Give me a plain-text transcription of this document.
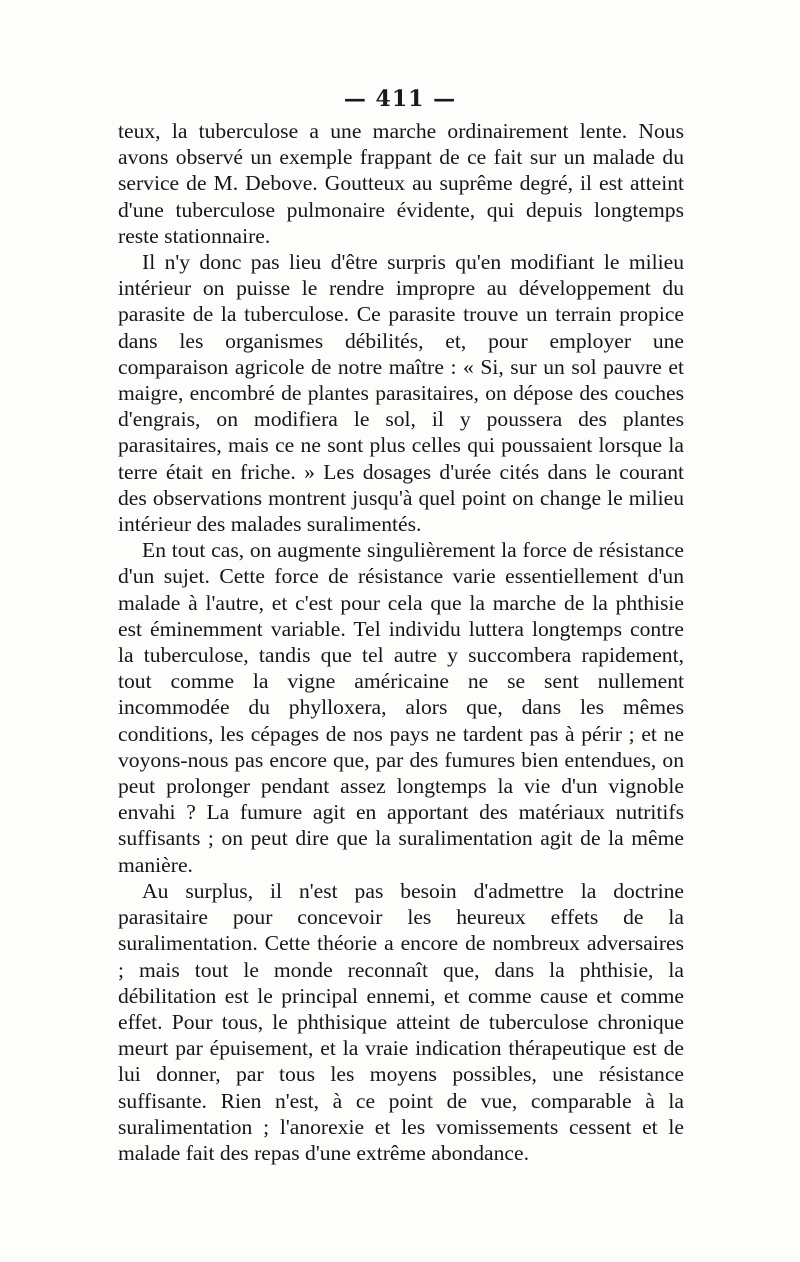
— 411 —

teux, la tuberculose a une marche ordinairement lente. Nous avons observé un exemple frappant de ce fait sur un malade du service de M. Debove. Goutteux au suprême degré, il est atteint d'une tuberculose pulmonaire évidente, qui depuis longtemps reste stationnaire.

Il n'y donc pas lieu d'être surpris qu'en modifiant le milieu intérieur on puisse le rendre impropre au développement du parasite de la tuberculose. Ce parasite trouve un terrain propice dans les organismes débilités, et, pour employer une comparaison agricole de notre maître : « Si, sur un sol pauvre et maigre, encombré de plantes parasitaires, on dépose des couches d'engrais, on modifiera le sol, il y poussera des plantes parasitaires, mais ce ne sont plus celles qui poussaient lorsque la terre était en friche. » Les dosages d'urée cités dans le courant des observations montrent jusqu'à quel point on change le milieu intérieur des malades suralimentés.

En tout cas, on augmente singulièrement la force de résistance d'un sujet. Cette force de résistance varie essentiellement d'un malade à l'autre, et c'est pour cela que la marche de la phthisie est éminemment variable. Tel individu luttera longtemps contre la tuberculose, tandis que tel autre y succombera rapidement, tout comme la vigne américaine ne se sent nullement incommodée du phylloxera, alors que, dans les mêmes conditions, les cépages de nos pays ne tardent pas à périr ; et ne voyons-nous pas encore que, par des fumures bien entendues, on peut prolonger pendant assez longtemps la vie d'un vignoble envahi ? La fumure agit en apportant des matériaux nutritifs suffisants ; on peut dire que la suralimentation agit de la même manière.

Au surplus, il n'est pas besoin d'admettre la doctrine parasitaire pour concevoir les heureux effets de la suralimentation. Cette théorie a encore de nombreux adversaires ; mais tout le monde reconnaît que, dans la phthisie, la débilitation est le principal ennemi, et comme cause et comme effet. Pour tous, le phthisique atteint de tuberculose chronique meurt par épuisement, et la vraie indication thérapeutique est de lui donner, par tous les moyens possibles, une résistance suffisante. Rien n'est, à ce point de vue, comparable à la suralimentation ; l'anorexie et les vomissements cessent et le malade fait des repas d'une extrême abondance.
